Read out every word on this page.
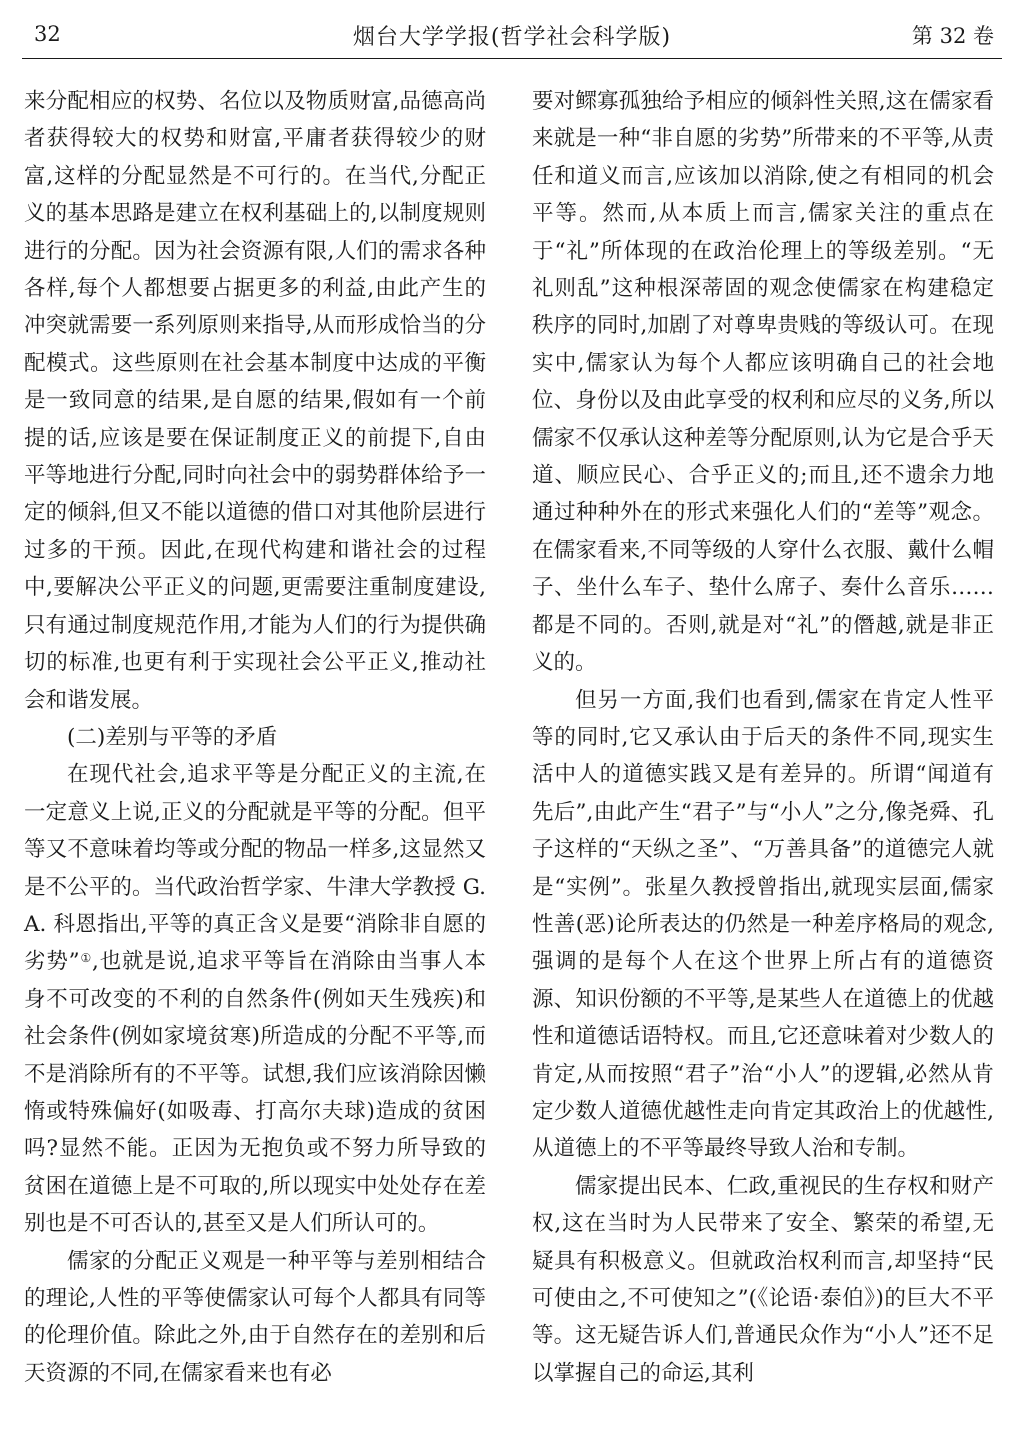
32	烟台大学学报(哲学社会科学版)	第 32 卷

来分配相应的权势、名位以及物质财富,品德高尚者获得较大的权势和财富,平庸者获得较少的财富,这样的分配显然是不可行的。在当代,分配正义的基本思路是建立在权利基础上的,以制度规则进行的分配。因为社会资源有限,人们的需求各种各样,每个人都想要占据更多的利益,由此产生的冲突就需要一系列原则来指导,从而形成恰当的分配模式。这些原则在社会基本制度中达成的平衡是一致同意的结果,是自愿的结果,假如有一个前提的话,应该是要在保证制度正义的前提下,自由平等地进行分配,同时向社会中的弱势群体给予一定的倾斜,但又不能以道德的借口对其他阶层进行过多的干预。因此,在现代构建和谐社会的过程中,要解决公平正义的问题,更需要注重制度建设,只有通过制度规范作用,才能为人们的行为提供确切的标准,也更有利于实现社会公平正义,推动社会和谐发展。

(二)差别与平等的矛盾

在现代社会,追求平等是分配正义的主流,在一定意义上说,正义的分配就是平等的分配。但平等又不意味着均等或分配的物品一样多,这显然又是不公平的。当代政治哲学家、牛津大学教授 G. A. 科恩指出,平等的真正含义是要“消除非自愿的劣势”①,也就是说,追求平等旨在消除由当事人本身不可改变的不利的自然条件(例如天生残疾)和社会条件(例如家境贫寒)所造成的分配不平等,而不是消除所有的不平等。试想,我们应该消除因懒惰或特殊偏好(如吸毒、打高尔夫球)造成的贫困吗?显然不能。正因为无抱负或不努力所导致的贫困在道德上是不可取的,所以现实中处处存在差别也是不可否认的,甚至又是人们所认可的。

儒家的分配正义观是一种平等与差别相结合的理论,人性的平等使儒家认可每个人都具有同等的伦理价值。除此之外,由于自然存在的差别和后天资源的不同,在儒家看来也有必

要对鳏寡孤独给予相应的倾斜性关照,这在儒家看来就是一种“非自愿的劣势”所带来的不平等,从责任和道义而言,应该加以消除,使之有相同的机会平等。然而,从本质上而言,儒家关注的重点在于“礼”所体现的在政治伦理上的等级差别。“无礼则乱”这种根深蒂固的观念使儒家在构建稳定秩序的同时,加剧了对尊卑贵贱的等级认可。在现实中,儒家认为每个人都应该明确自己的社会地位、身份以及由此享受的权利和应尽的义务,所以儒家不仅承认这种差等分配原则,认为它是合乎天道、顺应民心、合乎正义的;而且,还不遗余力地通过种种外在的形式来强化人们的“差等”观念。在儒家看来,不同等级的人穿什么衣服、戴什么帽子、坐什么车子、垫什么席子、奏什么音乐……都是不同的。否则,就是对“礼”的僭越,就是非正义的。

但另一方面,我们也看到,儒家在肯定人性平等的同时,它又承认由于后天的条件不同,现实生活中人的道德实践又是有差异的。所谓“闻道有先后”,由此产生“君子”与“小人”之分,像尧舜、孔子这样的“天纵之圣”、“万善具备”的道德完人就是“实例”。张星久教授曾指出,就现实层面,儒家性善(恶)论所表达的仍然是一种差序格局的观念,强调的是每个人在这个世界上所占有的道德资源、知识份额的不平等,是某些人在道德上的优越性和道德话语特权。而且,它还意味着对少数人的肯定,从而按照“君子”治“小人”的逻辑,必然从肯定少数人道德优越性走向肯定其政治上的优越性,从道德上的不平等最终导致人治和专制。

儒家提出民本、仁政,重视民的生存权和财产权,这在当时为人民带来了安全、繁荣的希望,无疑具有积极意义。但就政治权利而言,却坚持“民可使由之,不可使知之”(《论语·泰伯》)的巨大不平等。这无疑告诉人们,普通民众作为“小人”还不足以掌握自己的命运,其利
